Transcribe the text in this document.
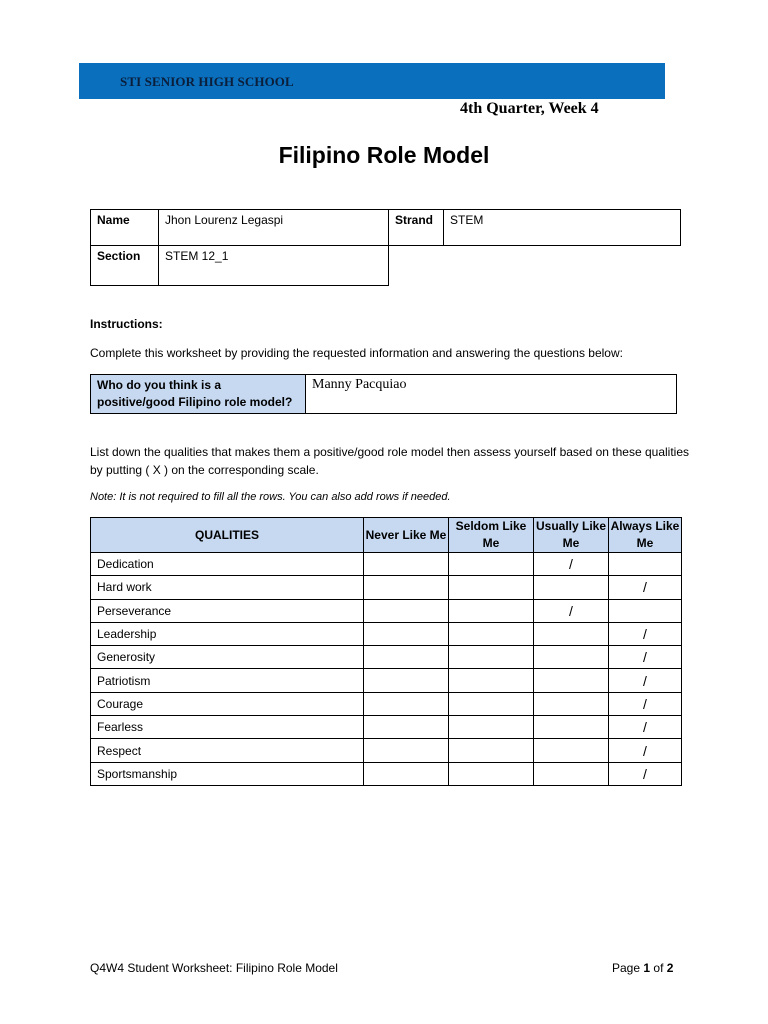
STI SENIOR HIGH SCHOOL
4th Quarter, Week 4
Filipino Role Model
Name	Jhon Lourenz Legaspi	Strand	STEM
Section	STEM 12_1		
Instructions:
Complete this worksheet by providing the requested information and answering the questions below:
Who do you think is a
positive/good Filipino role model?	Manny Pacquiao
List down the qualities that makes them a positive/good role model then assess yourself based on these qualities by putting ( X ) on the corresponding scale.
Note: It is not required to fill all the rows. You can also add rows if needed.
QUALITIES	Never Like Me	Seldom Like Me	Usually Like Me	Always Like Me
Dedication			/	
Hard work				/
Perseverance			/	
Leadership				/
Generosity				/
Patriotism				/
Courage				/
Fearless				/
Respect				/
Sportsmanship				/
Q4W4 Student Worksheet: Filipino Role Model	Page 1 of 2
